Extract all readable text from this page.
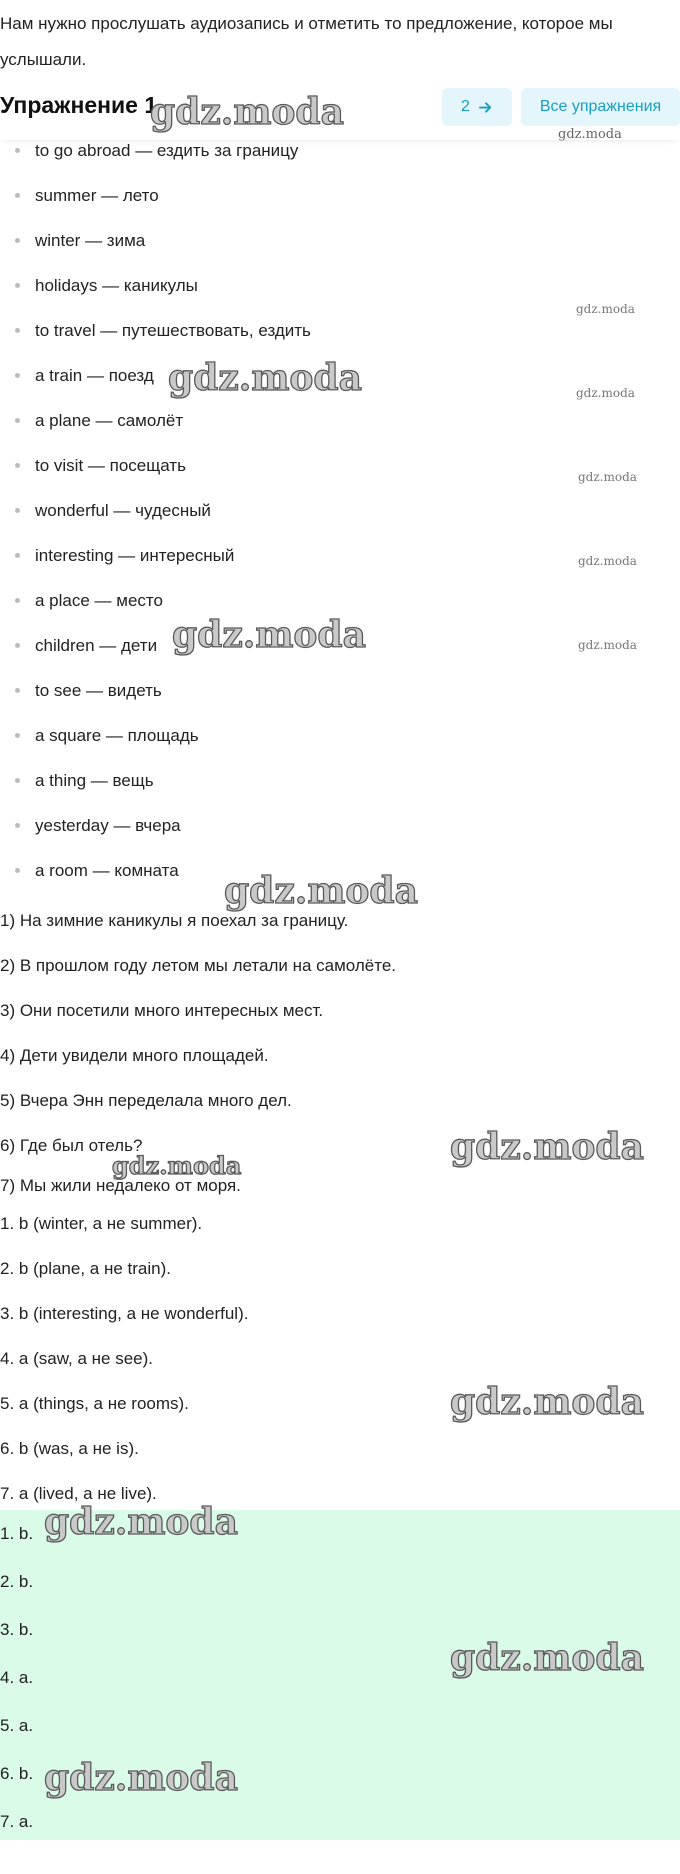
Нам нужно прослушать аудиозапись и отметить то предложение, которое мы услышали.

to go abroad — ездить за границу
summer — лето
winter — зима
holidays — каникулы
to travel — путешествовать, ездить
a train — поезд
a plane — самолёт
to visit — посещать
wonderful — чудесный
interesting — интересный
a place — место
children — дети
to see — видеть
a square — площадь
a thing — вещь
yesterday — вчера
a room — комната
Упражнение 1	2	Все упражнения
1) На зимние каникулы я поехал за границу.
2) В прошлом году летом мы летали на самолёте.
3) Они посетили много интересных мест.
4) Дети увидели много площадей.
5) Вчера Энн переделала много дел.
6) Где был отель?
7) Мы жили недалеко от моря.
1. b (winter, а не summer).
2. b (plane, а не train).
3. b (interesting, а не wonderful).
4. a (saw, а не see).
5. a (things, а не rooms).
6. b (was, а не is).
7. a (lived, а не live).
1. b.
2. b.
3. b.
4. a.
5. a.
6. b.
7. a.
gdz.moda
gdz.moda
gdz.moda
gdz.moda	gdz.moda
gdz.moda
gdz.moda
gdz.moda	gdz.moda
gdz.moda
gdz.moda
gdz.moda
gdz.moda
gdz.moda
gdz.moda
gdz.moda
